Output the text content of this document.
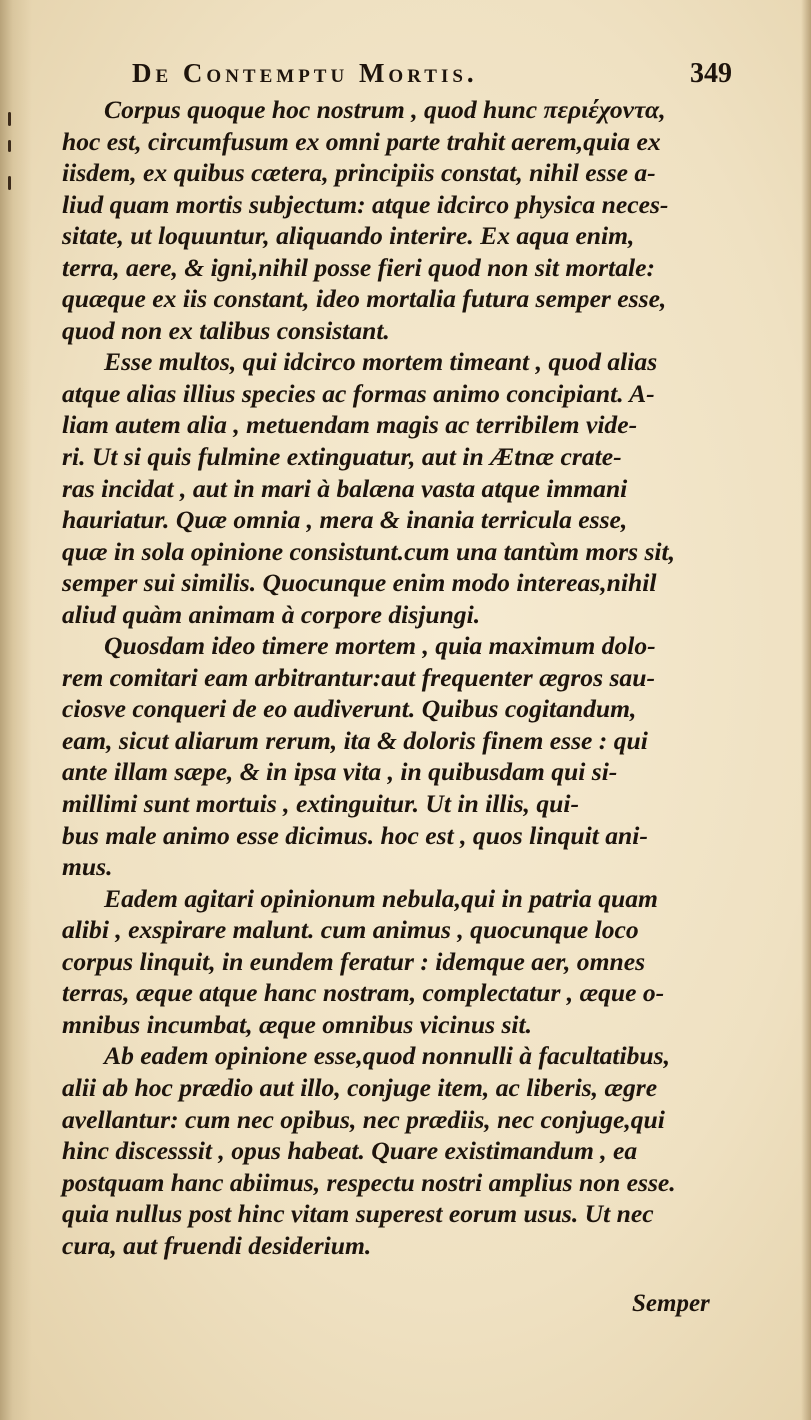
De Contemptu Mortis.	349
Corpus quoque hoc nostrum , quod hunc περιέχοντα,
hoc est, circumfusum ex omni parte trahit aerem,quia ex
iisdem, ex quibus cætera, principiis constat, nihil esse a-
liud quam mortis subjectum: atque idcirco physica neces-
sitate, ut loquuntur, aliquando interire. Ex aqua enim,
terra, aere, & igni,nihil posse fieri quod non sit mortale:
quæque ex iis constant, ideo mortalia futura semper esse,
quod non ex talibus consistant.
Esse multos, qui idcirco mortem timeant , quod alias
atque alias illius species ac formas animo concipiant. A-
liam autem alia , metuendam magis ac terribilem vide-
ri. Ut si quis fulmine extinguatur, aut in Ætnæ crate-
ras incidat , aut in mari à balæna vasta atque immani
hauriatur. Quæ omnia , mera & inania terricula esse,
quæ in sola opinione consistunt.cum una tantùm mors sit,
semper sui similis. Quocunque enim modo intereas,nihil
aliud quàm animam à corpore disjungi.
Quosdam ideo timere mortem , quia maximum dolo-
rem comitari eam arbitrantur:aut frequenter ægros sau-
ciosve conqueri de eo audiverunt. Quibus cogitandum,
eam, sicut aliarum rerum, ita & doloris finem esse : qui
ante illam sæpe, & in ipsa vita , in quibusdam qui si-
millimi sunt mortuis , extinguitur. Ut in illis, qui-
bus male animo esse dicimus. hoc est , quos linquit ani-
mus.
Eadem agitari opinionum nebula,qui in patria quam
alibi , exspirare malunt. cum animus , quocunque loco
corpus linquit, in eundem feratur : idemque aer, omnes
terras, æque atque hanc nostram, complectatur , æque o-
mnibus incumbat, æque omnibus vicinus sit.
Ab eadem opinione esse,quod nonnulli à facultatibus,
alii ab hoc prædio aut illo, conjuge item, ac liberis, ægre
avellantur: cum nec opibus, nec prædiis, nec conjuge,qui
hinc discesssit , opus habeat. Quare existimandum , ea
postquam hanc abiimus, respectu nostri amplius non esse.
quia nullus post hinc vitam superest eorum usus. Ut nec
cura, aut fruendi desiderium.
Semper
